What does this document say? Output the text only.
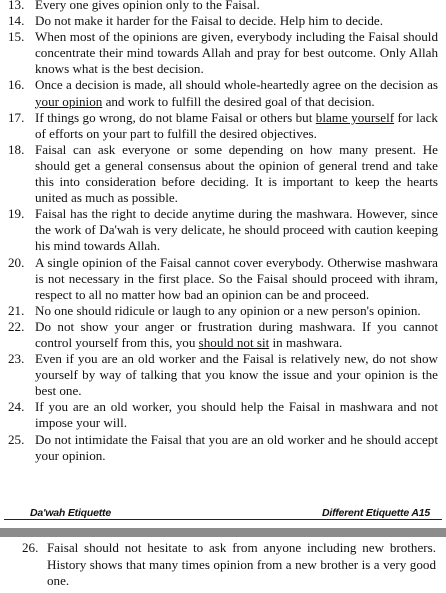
13. Every one gives opinion only to the Faisal.
14. Do not make it harder for the Faisal to decide. Help him to decide.
15. When most of the opinions are given, everybody including the Faisal should concentrate their mind towards Allah and pray for best outcome. Only Allah knows what is the best decision.
16. Once a decision is made, all should whole-heartedly agree on the decision as your opinion and work to fulfill the desired goal of that decision.
17. If things go wrong, do not blame Faisal or others but blame yourself for lack of efforts on your part to fulfill the desired objectives.
18. Faisal can ask everyone or some depending on how many present. He should get a general consensus about the opinion of general trend and take this into consideration before deciding. It is important to keep the hearts united as much as possible.
19. Faisal has the right to decide anytime during the mashwara. However, since the work of Da'wah is very delicate, he should proceed with caution keeping his mind towards Allah.
20. A single opinion of the Faisal cannot cover everybody. Otherwise mashwara is not necessary in the first place. So the Faisal should proceed with ihram, respect to all no matter how bad an opinion can be and proceed.
21. No one should ridicule or laugh to any opinion or a new person's opinion.
22. Do not show your anger or frustration during mashwara. If you cannot control yourself from this, you should not sit in mashwara.
23. Even if you are an old worker and the Faisal is relatively new, do not show yourself by way of talking that you know the issue and your opinion is the best one.
24. If you are an old worker, you should help the Faisal in mashwara and not impose your will.
25. Do not intimidate the Faisal that you are an old worker and he should accept your opinion.
Da'wah Etiquette	Different Etiquette A15
26. Faisal should not hesitate to ask from anyone including new brothers. History shows that many times opinion from a new brother is a very good one.
